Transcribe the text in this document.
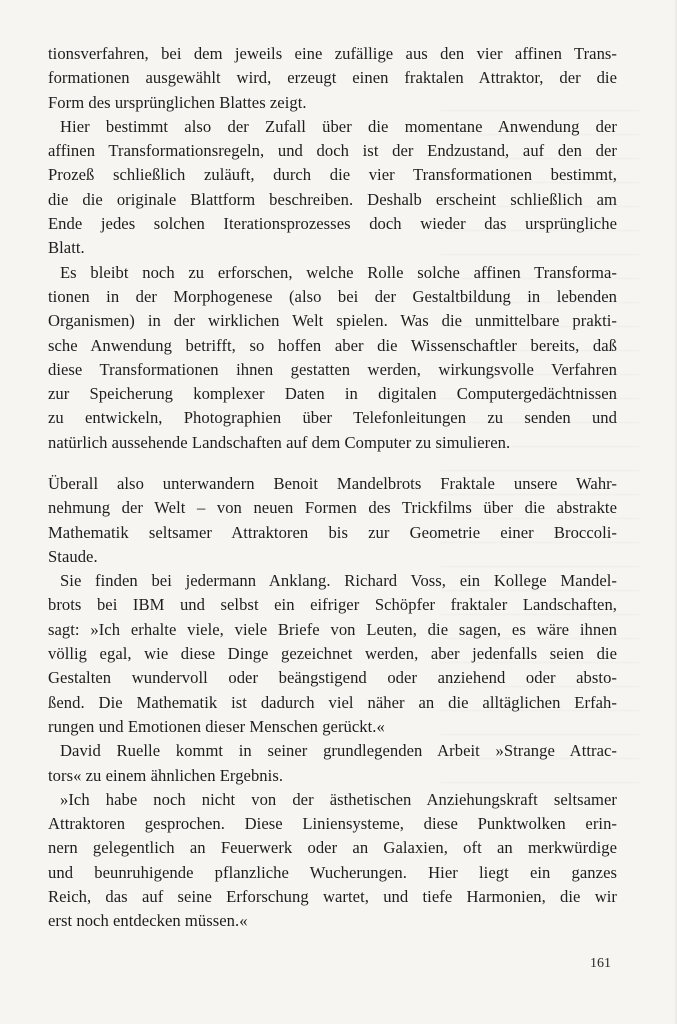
tionsverfahren, bei dem jeweils eine zufällige aus den vier affinen Trans-
formationen ausgewählt wird, erzeugt einen fraktalen Attraktor, der die
Form des ursprünglichen Blattes zeigt.
Hier bestimmt also der Zufall über die momentane Anwendung der
affinen Transformationsregeln, und doch ist der Endzustand, auf den der
Prozeß schließlich zuläuft, durch die vier Transformationen bestimmt,
die die originale Blattform beschreiben. Deshalb erscheint schließlich am
Ende jedes solchen Iterationsprozesses doch wieder das ursprüngliche
Blatt.
Es bleibt noch zu erforschen, welche Rolle solche affinen Transforma-
tionen in der Morphogenese (also bei der Gestaltbildung in lebenden
Organismen) in der wirklichen Welt spielen. Was die unmittelbare prakti-
sche Anwendung betrifft, so hoffen aber die Wissenschaftler bereits, daß
diese Transformationen ihnen gestatten werden, wirkungsvolle Verfahren
zur Speicherung komplexer Daten in digitalen Computergedächtnissen
zu entwickeln, Photographien über Telefonleitungen zu senden und
natürlich aussehende Landschaften auf dem Computer zu simulieren.
Überall also unterwandern Benoit Mandelbrots Fraktale unsere Wahr-
nehmung der Welt – von neuen Formen des Trickfilms über die abstrakte
Mathematik seltsamer Attraktoren bis zur Geometrie einer Broccoli-
Staude.
Sie finden bei jedermann Anklang. Richard Voss, ein Kollege Mandel-
brots bei IBM und selbst ein eifriger Schöpfer fraktaler Landschaften,
sagt: »Ich erhalte viele, viele Briefe von Leuten, die sagen, es wäre ihnen
völlig egal, wie diese Dinge gezeichnet werden, aber jedenfalls seien die
Gestalten wundervoll oder beängstigend oder anziehend oder absto-
ßend. Die Mathematik ist dadurch viel näher an die alltäglichen Erfah-
rungen und Emotionen dieser Menschen gerückt.«
David Ruelle kommt in seiner grundlegenden Arbeit »Strange Attrac-
tors« zu einem ähnlichen Ergebnis.
»Ich habe noch nicht von der ästhetischen Anziehungskraft seltsamer
Attraktoren gesprochen. Diese Liniensysteme, diese Punktwolken erin-
nern gelegentlich an Feuerwerk oder an Galaxien, oft an merkwürdige
und beunruhigende pflanzliche Wucherungen. Hier liegt ein ganzes
Reich, das auf seine Erforschung wartet, und tiefe Harmonien, die wir
erst noch entdecken müssen.«
161
